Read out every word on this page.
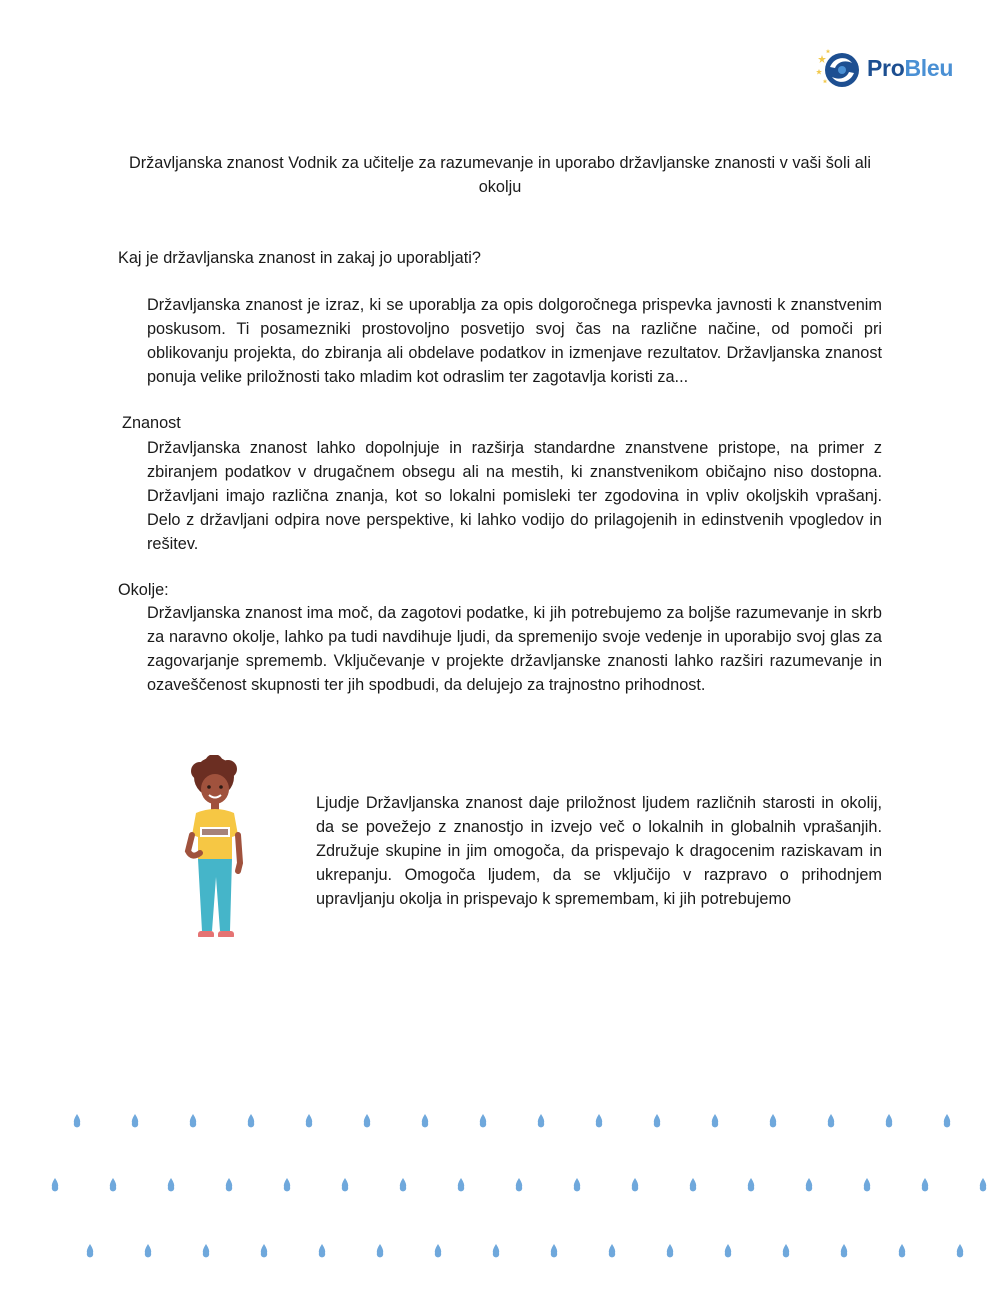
ProBleu
Državljanska znanost Vodnik za učitelje za razumevanje in uporabo državljanske znanosti v vaši šoli ali okolju
Kaj je državljanska znanost in zakaj jo uporabljati?

Državljanska znanost je izraz, ki se uporablja za opis dolgoročnega prispevka javnosti k znanstvenim poskusom. Ti posamezniki prostovoljno posvetijo svoj čas na različne načine, od pomoči pri oblikovanju projekta, do zbiranja ali obdelave podatkov in izmenjave rezultatov. Državljanska znanost ponuja velike priložnosti tako mladim kot odraslim ter zagotavlja koristi za...

Znanost

Državljanska znanost lahko dopolnjuje in razširja standardne znanstvene pristope, na primer z zbiranjem podatkov v drugačnem obsegu ali na mestih, ki znanstvenikom običajno niso dostopna. Državljani imajo različna znanja, kot so lokalni pomisleki ter zgodovina in vpliv okoljskih vprašanj. Delo z državljani odpira nove perspektive, ki lahko vodijo do prilagojenih in edinstvenih vpogledov in rešitev.

Okolje:

Državljanska znanost ima moč, da zagotovi podatke, ki jih potrebujemo za boljše razumevanje in skrb za naravno okolje, lahko pa tudi navdihuje ljudi, da spremenijo svoje vedenje in uporabijo svoj glas za zagovarjanje sprememb. Vključevanje v projekte državljanske znanosti lahko razširi razumevanje in ozaveščenost skupnosti ter jih spodbudi, da delujejo za trajnostno prihodnost.

Ljudje Državljanska znanost daje priložnost ljudem različnih starosti in okolij, da se povežejo z znanostjo in izvejo več o lokalnih in globalnih vprašanjih. Združuje skupine in jim omogoča, da prispevajo k dragocenim raziskavam in ukrepanju. Omogoča ljudem, da se vključijo v razpravo o prihodnjem upravljanju okolja in prispevajo k spremembam, ki jih potrebujemo
